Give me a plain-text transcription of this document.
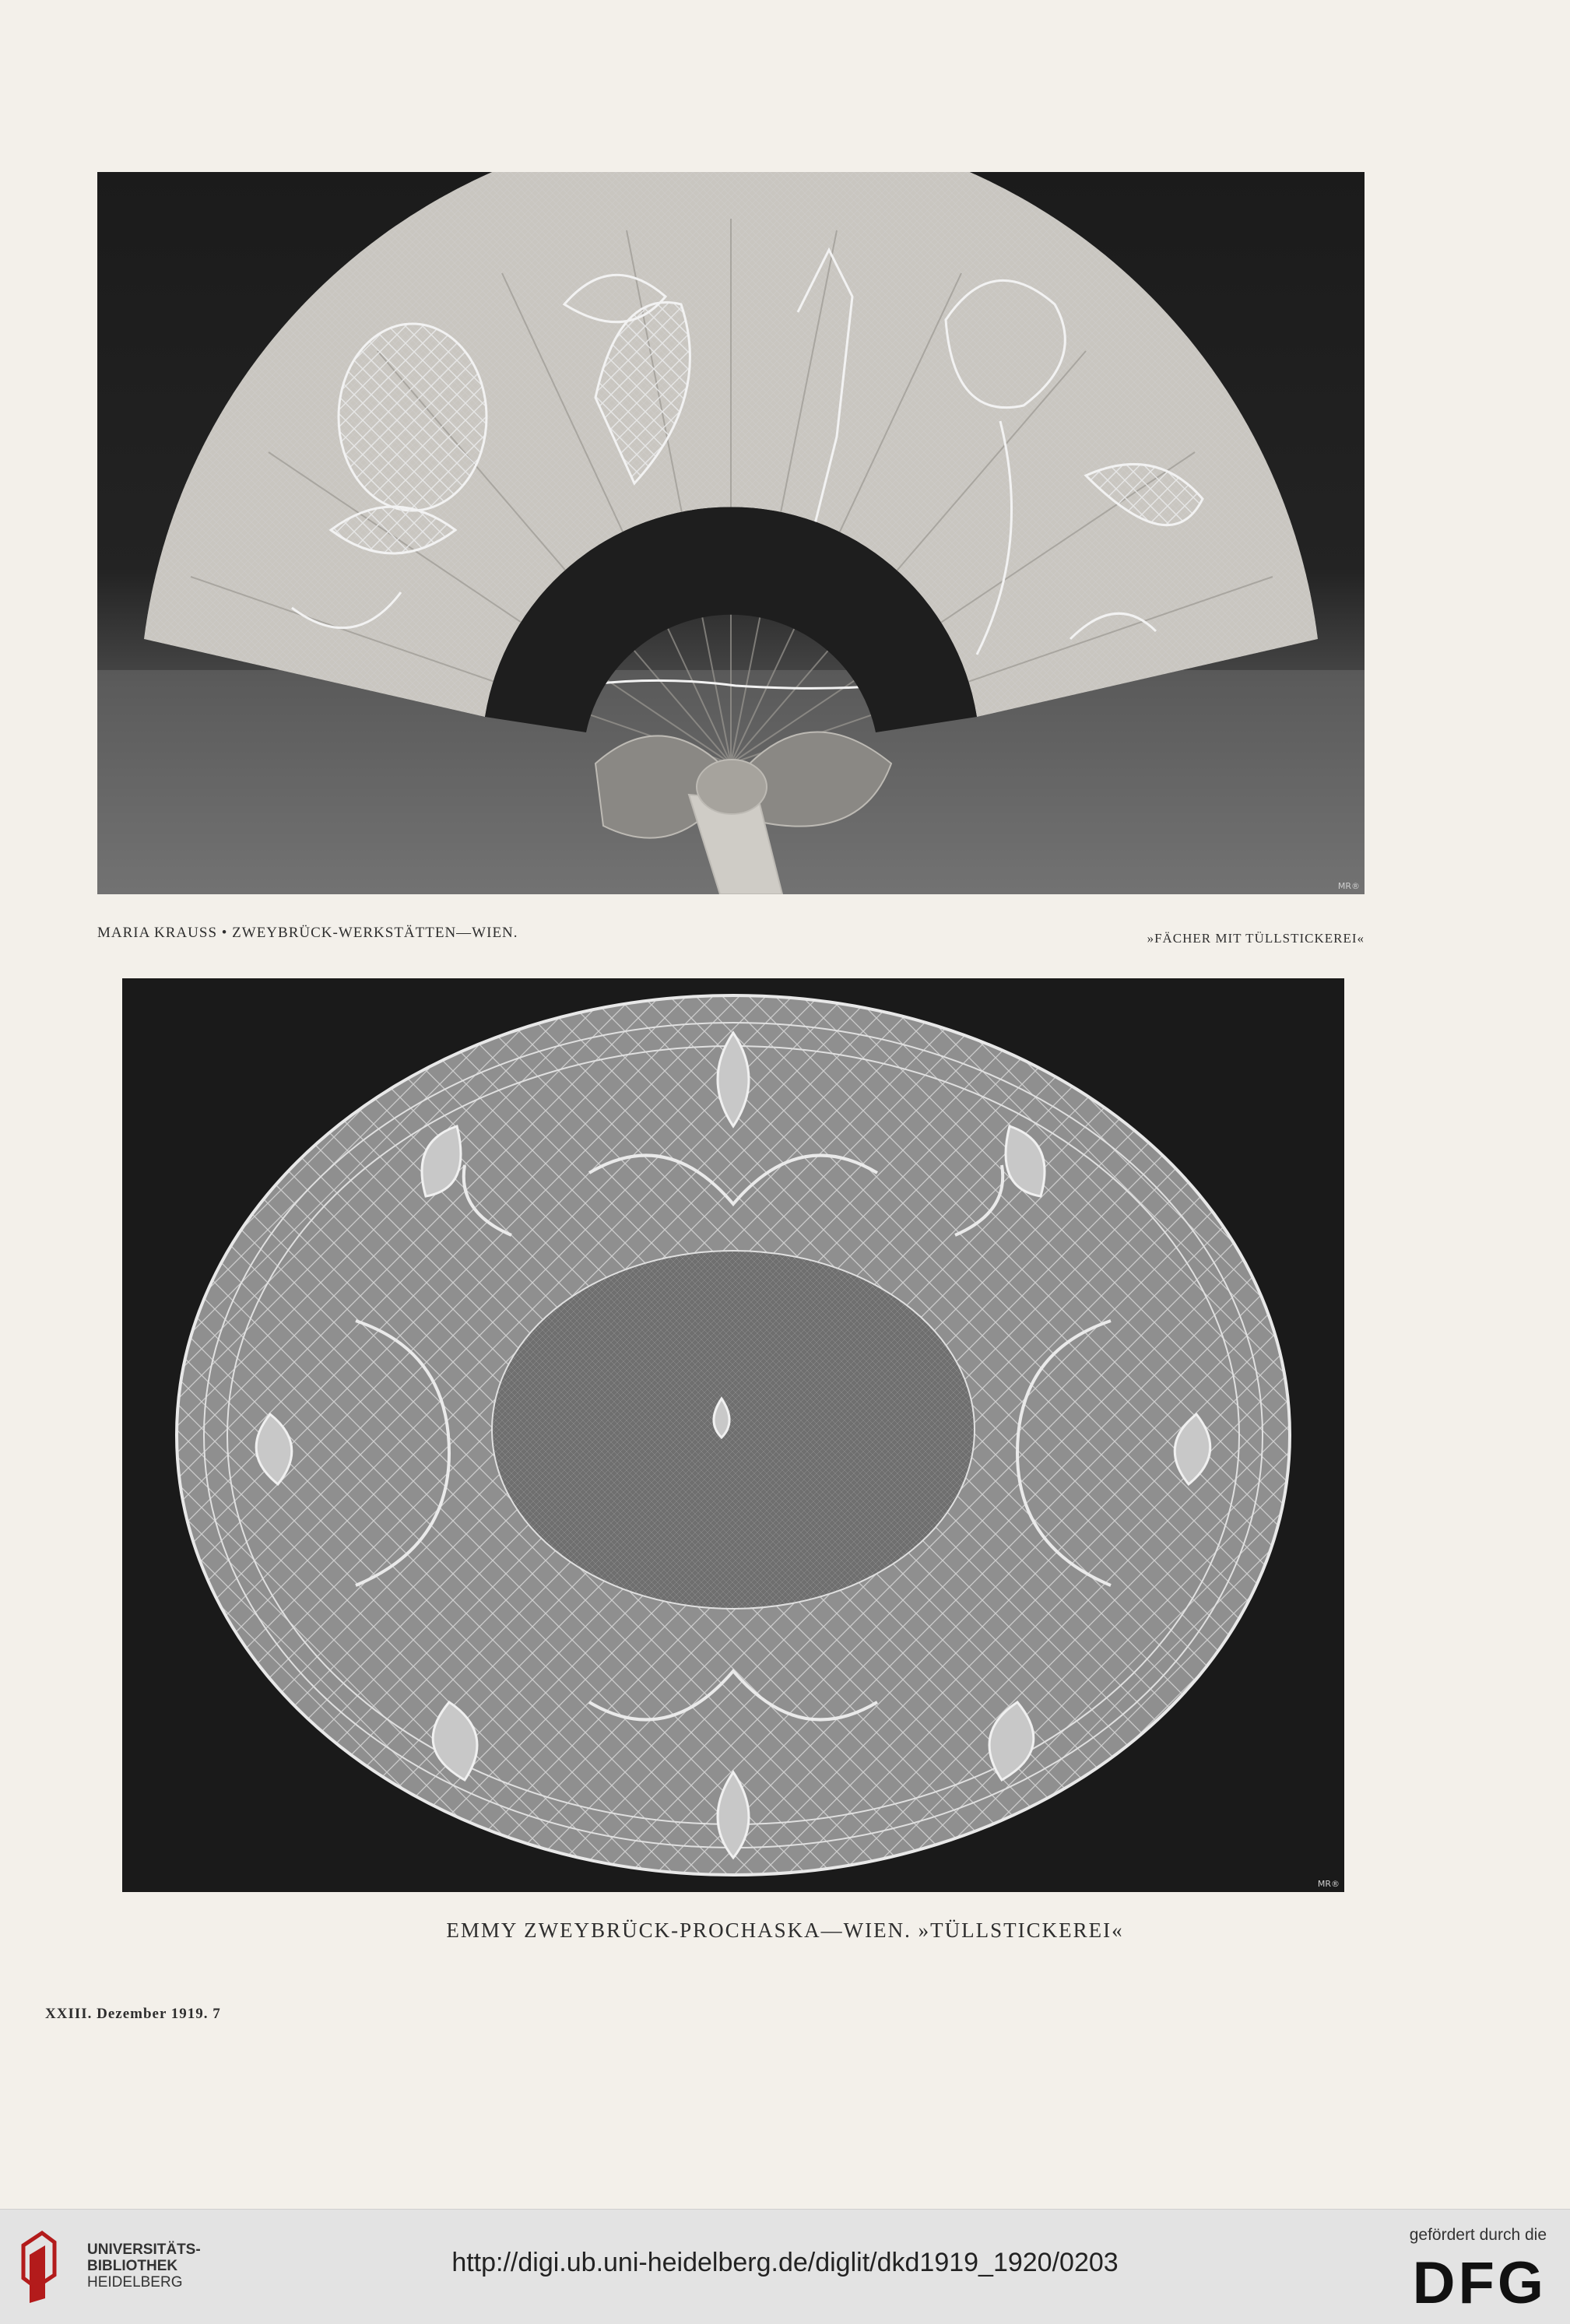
MR®
MARIA KRAUSS • ZWEYBRÜCK-WERKSTÄTTEN—WIEN.	»FÄCHER MIT TÜLLSTICKEREI«
MR®
EMMY ZWEYBRÜCK-PROCHASKA—WIEN. »TÜLLSTICKEREI«
XXIII. Dezember 1919. 7
UNIVERSITÄTS-
BIBLIOTHEK
HEIDELBERG
http://digi.ub.uni-heidelberg.de/diglit/dkd1919_1920/0203
gefördert durch die
DFG
